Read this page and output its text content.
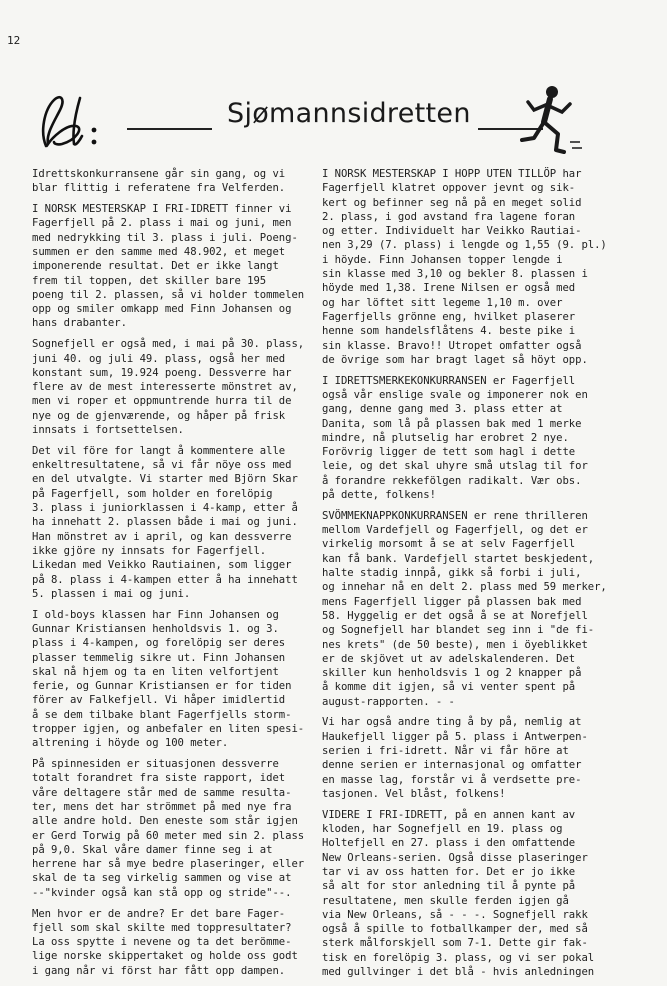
12
Sjømannsidretten

Idrettskonkurransene går sin gang, og vi
blar flittig i referatene fra Velferden.

I NORSK MESTERSKAP I FRI-IDRETT finner vi
Fagerfjell på 2. plass i mai og juni, men
med nedrykking til 3. plass i juli. Poeng-
summen er den samme med 48.902, et meget
imponerende resultat. Det er ikke langt
frem til toppen, det skiller bare 195
poeng til 2. plassen, så vi holder tommelen
opp og smiler omkapp med Finn Johansen og
hans drabanter.

Sognefjell er også med, i mai på 30. plass,
juni 40. og juli 49. plass, også her med
konstant sum, 19.924 poeng. Dessverre har
flere av de mest interesserte mönstret av,
men vi roper et oppmuntrende hurra til de
nye og de gjenværende, og håper på frisk
innsats i fortsettelsen.

Det vil före for langt å kommentere alle
enkeltresultatene, så vi får nöye oss med
en del utvalgte. Vi starter med Björn Skar
på Fagerfjell, som holder en forelöpig
3. plass i juniorklassen i 4-kamp, etter å
ha innehatt 2. plassen både i mai og juni.
Han mönstret av i april, og kan dessverre
ikke gjöre ny innsats for Fagerfjell.
Likedan med Veikko Rautiainen, som ligger
på 8. plass i 4-kampen etter å ha innehatt
5. plassen i mai og juni.

I old-boys klassen har Finn Johansen og
Gunnar Kristiansen henholdsvis 1. og 3.
plass i 4-kampen, og forelöpig ser deres
plasser temmelig sikre ut. Finn Johansen
skal nå hjem og ta en liten velfortjent
ferie, og Gunnar Kristiansen er for tiden
förer av Falkefjell. Vi håper imidlertid
å se dem tilbake blant Fagerfjells storm-
tropper igjen, og anbefaler en liten spesi-
altrening i höyde og 100 meter.

På spinnesiden er situasjonen dessverre
totalt forandret fra siste rapport, idet
våre deltagere står med de samme resulta-
ter, mens det har strömmet på med nye fra
alle andre hold. Den eneste som står igjen
er Gerd Torwig på 60 meter med sin 2. plass
på 9,0. Skal våre damer finne seg i at
herrene har så mye bedre plaseringer, eller
skal de ta seg virkelig sammen og vise at
--"kvinder også kan stå opp og stride"--.

Men hvor er de andre? Er det bare Fager-
fjell som skal skilte med toppresultater?
La oss spytte i nevene og ta det berömme-
lige norske skippertaket og holde oss godt
i gang når vi först har fått opp dampen.

I NORSK MESTERSKAP I HOPP UTEN TILLÖP har
Fagerfjell klatret oppover jevnt og sik-
kert og befinner seg nå på en meget solid
2. plass, i god avstand fra lagene foran
og etter. Individuelt har Veikko Rautiai-
nen 3,29 (7. plass) i lengde og 1,55 (9. pl.)
i höyde. Finn Johansen topper lengde i
sin klasse med 3,10 og bekler 8. plassen i
höyde med 1,38. Irene Nilsen er også med
og har löftet sitt legeme 1,10 m. over
Fagerfjells grönne eng, hvilket plaserer
henne som handelsflåtens 4. beste pike i
sin klasse. Bravo!! Utropet omfatter også
de övrige som har bragt laget så höyt opp.

I IDRETTSMERKEKONKURRANSEN er Fagerfjell
også vår enslige svale og imponerer nok en
gang, denne gang med 3. plass etter at
Danita, som lå på plassen bak med 1 merke
mindre, nå plutselig har erobret 2 nye.
Forövrig ligger de tett som hagl i dette
leie, og det skal uhyre små utslag til for
å forandre rekkefölgen radikalt. Vær obs.
på dette, folkens!

SVÖMMEKNAPPKONKURRANSEN er rene thrilleren
mellom Vardefjell og Fagerfjell, og det er
virkelig morsomt å se at selv Fagerfjell
kan få bank. Vardefjell startet beskjedent,
halte stadig innpå, gikk så forbi i juli,
og innehar nå en delt 2. plass med 59 merker,
mens Fagerfjell ligger på plassen bak med
58. Hyggelig er det også å se at Norefjell
og Sognefjell har blandet seg inn i "de fi-
nes krets" (de 50 beste), men i öyeblikket
er de skjövet ut av adelskalenderen. Det
skiller kun henholdsvis 1 og 2 knapper på
å komme dit igjen, så vi venter spent på
august-rapporten. - -

Vi har også andre ting å by på, nemlig at
Haukefjell ligger på 5. plass i Antwerpen-
serien i fri-idrett. Når vi får höre at
denne serien er internasjonal og omfatter
en masse lag, forstår vi å verdsette pre-
tasjonen. Vel blåst, folkens!

VIDERE I FRI-IDRETT, på en annen kant av
kloden, har Sognefjell en 19. plass og
Holtefjell en 27. plass i den omfattende
New Orleans-serien. Også disse plaseringer
tar vi av oss hatten for. Det er jo ikke
så alt for stor anledning til å pynte på
resultatene, men skulle ferden igjen gå
via New Orleans, så - - -. Sognefjell rakk
også å spille to fotballkamper der, med så
sterk målforskjell som 7-1. Dette gir fak-
tisk en forelöpig 3. plass, og vi ser pokal
med gullvinger i det blå - hvis anledningen
